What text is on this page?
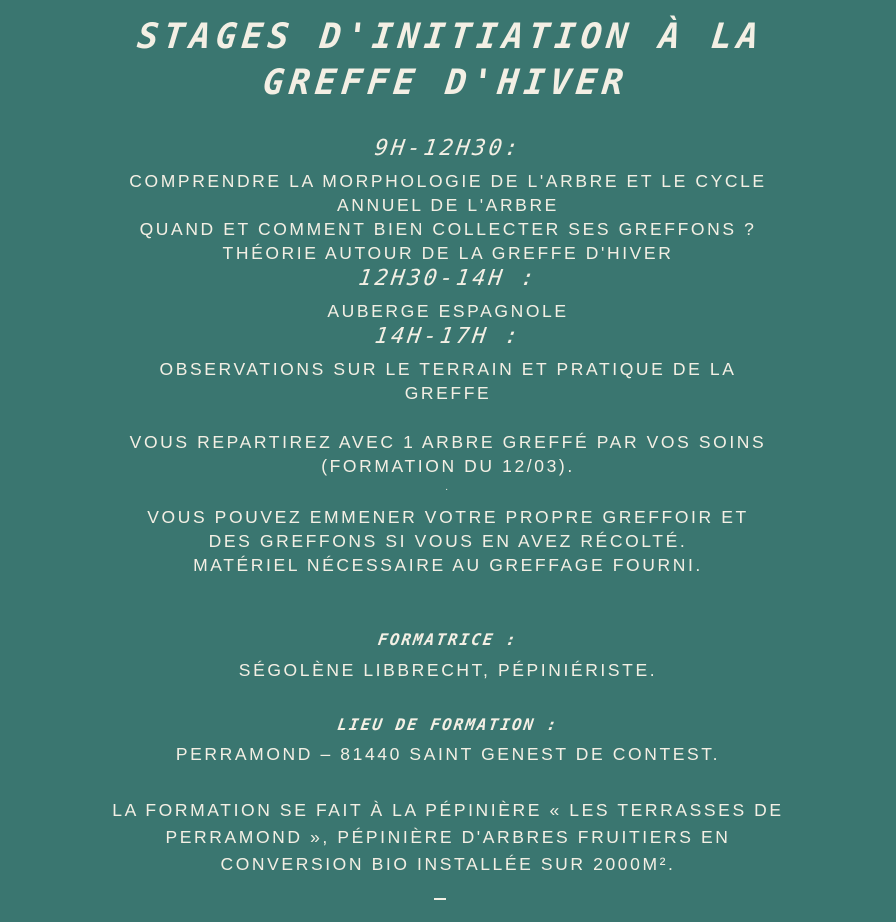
STAGES D'INITIATION À LA
GREFFE D'HIVER
9H-12H30:
COMPRENDRE LA MORPHOLOGIE DE L'ARBRE ET LE CYCLE
ANNUEL DE L'ARBRE
QUAND ET COMMENT BIEN COLLECTER SES GREFFONS ?
THÉORIE AUTOUR DE LA GREFFE D'HIVER
12H30-14H :
AUBERGE ESPAGNOLE
14H-17H :
OBSERVATIONS SUR LE TERRAIN ET PRATIQUE DE LA
GREFFE
VOUS REPARTIREZ AVEC 1 ARBRE GREFFÉ PAR VOS SOINS
(FORMATION DU 12/03).
.
VOUS POUVEZ EMMENER VOTRE PROPRE GREFFOIR ET
DES GREFFONS SI VOUS EN AVEZ RÉCOLTÉ.
MATÉRIEL NÉCESSAIRE AU GREFFAGE FOURNI.
FORMATRICE :
SÉGOLÈNE LIBBRECHT, PÉPINIÉRISTE.
LIEU DE FORMATION :
PERRAMOND – 81440 SAINT GENEST DE CONTEST.
LA FORMATION SE FAIT À LA PÉPINIÈRE « LES TERRASSES DE
PERRAMOND », PÉPINIÈRE D'ARBRES FRUITIERS EN
CONVERSION BIO INSTALLÉE SUR 2000M².
